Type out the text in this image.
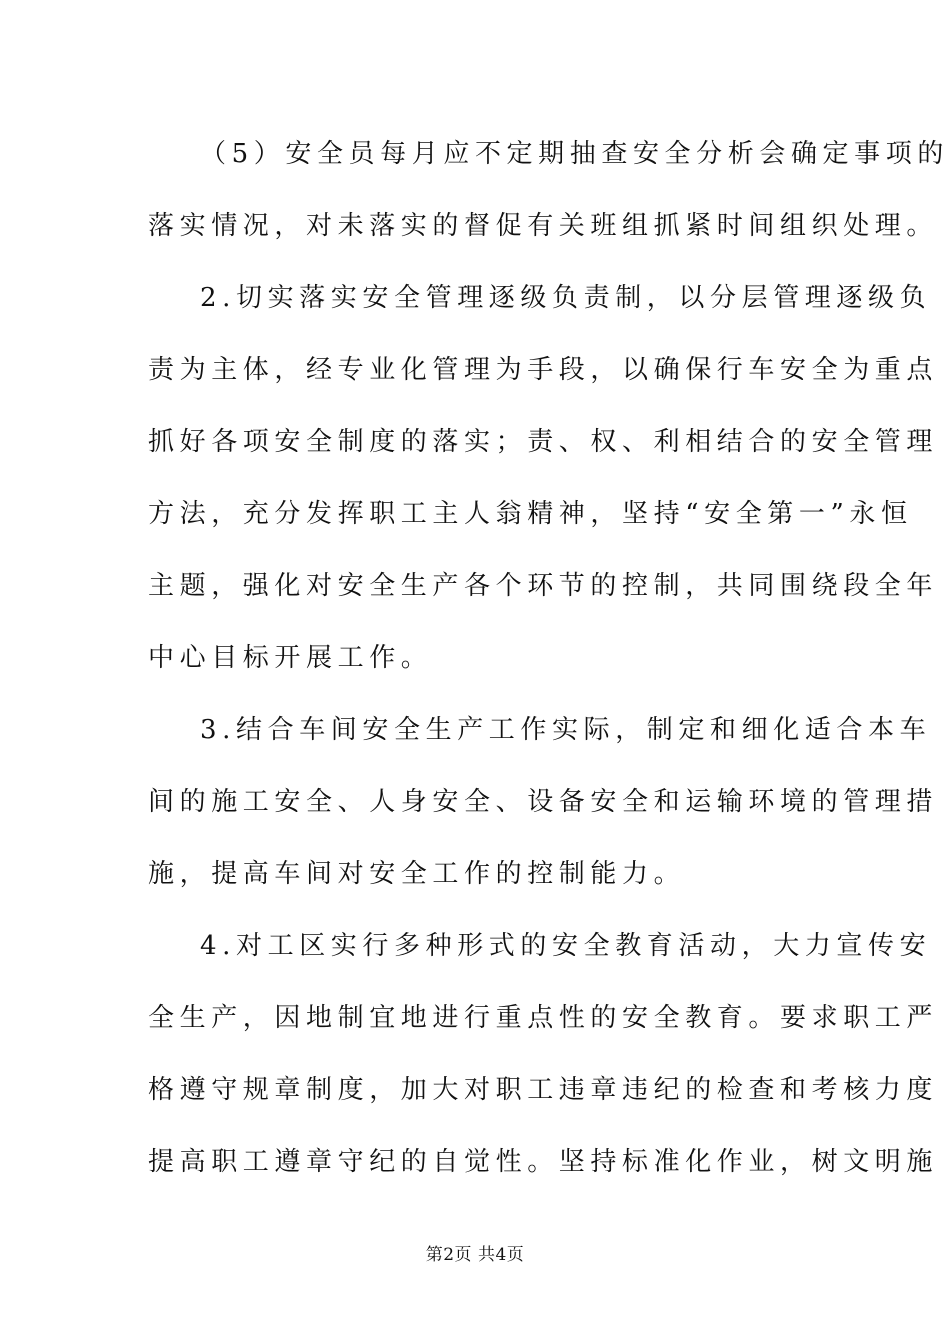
（5）安全员每月应不定期抽查安全分析会确定事项的
落实情况，对未落实的督促有关班组抓紧时间组织处理。
2.切实落实安全管理逐级负责制，以分层管理逐级负
责为主体，经专业化管理为手段，以确保行车安全为重点
抓好各项安全制度的落实；责、权、利相结合的安全管理
方法，充分发挥职工主人翁精神，坚持“安全第一”永恒
主题，强化对安全生产各个环节的控制，共同围绕段全年
中心目标开展工作。
3.结合车间安全生产工作实际，制定和细化适合本车
间的施工安全、人身安全、设备安全和运输环境的管理措
施，提高车间对安全工作的控制能力。
4.对工区实行多种形式的安全教育活动，大力宣传安
全生产，因地制宜地进行重点性的安全教育。要求职工严
格遵守规章制度，加大对职工违章违纪的检查和考核力度
提高职工遵章守纪的自觉性。坚持标准化作业，树文明施
第2页 共4页
